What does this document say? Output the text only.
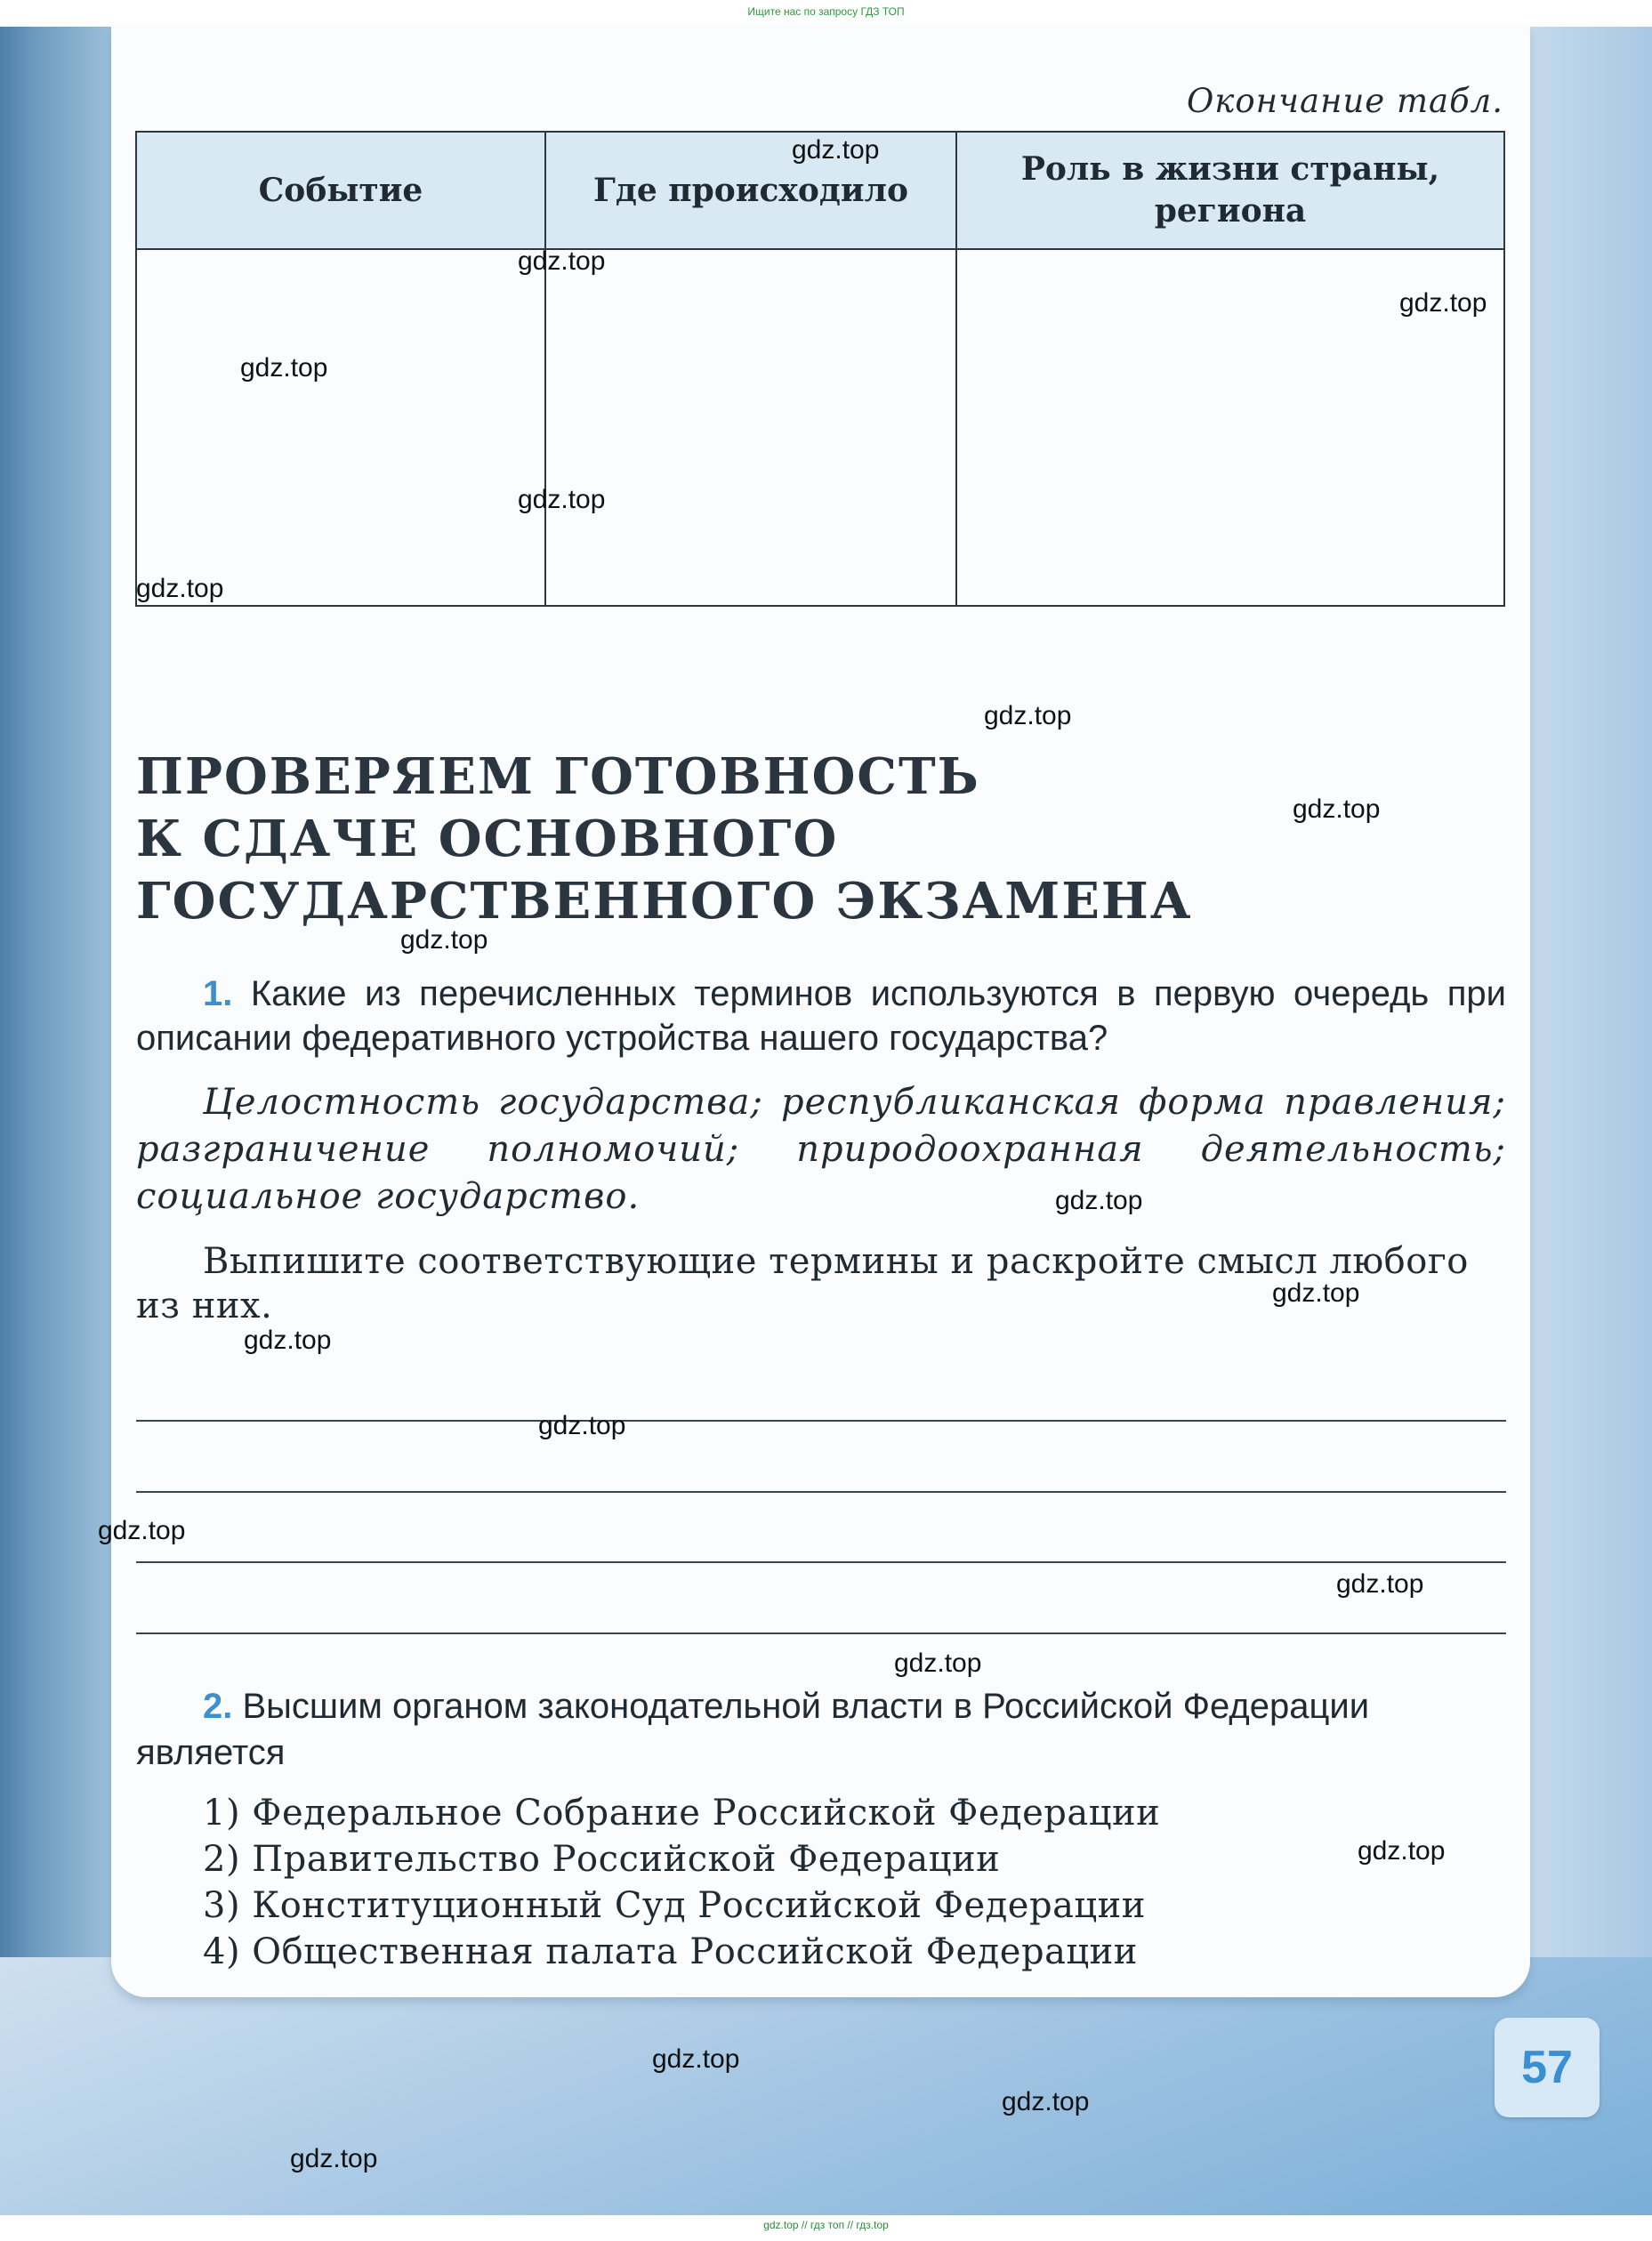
Ищите нас по запросу ГДЗ ТОП
Окончание табл.
Событие	Где происходило	Роль в жизни страны, региона

ПРОВЕРЯЕМ ГОТОВНОСТЬ
К СДАЧЕ ОСНОВНОГО
ГОСУДАРСТВЕННОГО ЭКЗАМЕНА
1. Какие из перечисленных терминов используются в первую очередь при описании федеративного устройства нашего государства?
Целостность государства; республиканская форма правления; разграничение полномочий; природоохранная деятельность; социальное государство.
Выпишите соответствующие термины и раскройте смысл любого из них.
2. Высшим органом законодательной власти в Российской Федерации является
1) Федеральное Собрание Российской Федерации
2) Правительство Российской Федерации
3) Конституционный Суд Российской Федерации
4) Общественная палата Российской Федерации
57
gdz.top
gdz.top
gdz.top
gdz.top
gdz.top
gdz.top
gdz.top
gdz.top
gdz.top
gdz.top
gdz.top
gdz.top
gdz.top
gdz.top
gdz.top
gdz.top
gdz.top
gdz.top
gdz.top
gdz.top
gdz.top // гдз топ // гдз.top
